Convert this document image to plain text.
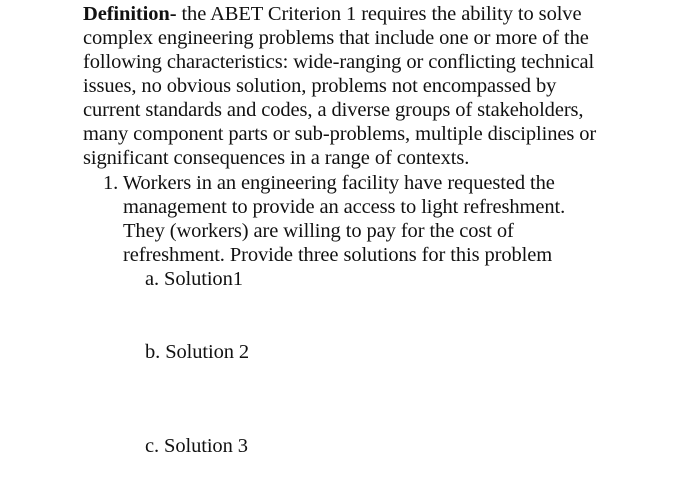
Definition- the ABET Criterion 1 requires the ability to solve
complex engineering problems that include one or more of the
following characteristics: wide-ranging or conflicting technical
issues, no obvious solution, problems not encompassed by
current standards and codes, a diverse groups of stakeholders,
many component parts or sub-problems, multiple disciplines or
significant consequences in a range of contexts.
1. Workers in an engineering facility have requested the
management to provide an access to light refreshment.
They (workers) are willing to pay for the cost of
refreshment. Provide three solutions for this problem
a. Solution1
b. Solution 2
c. Solution 3
